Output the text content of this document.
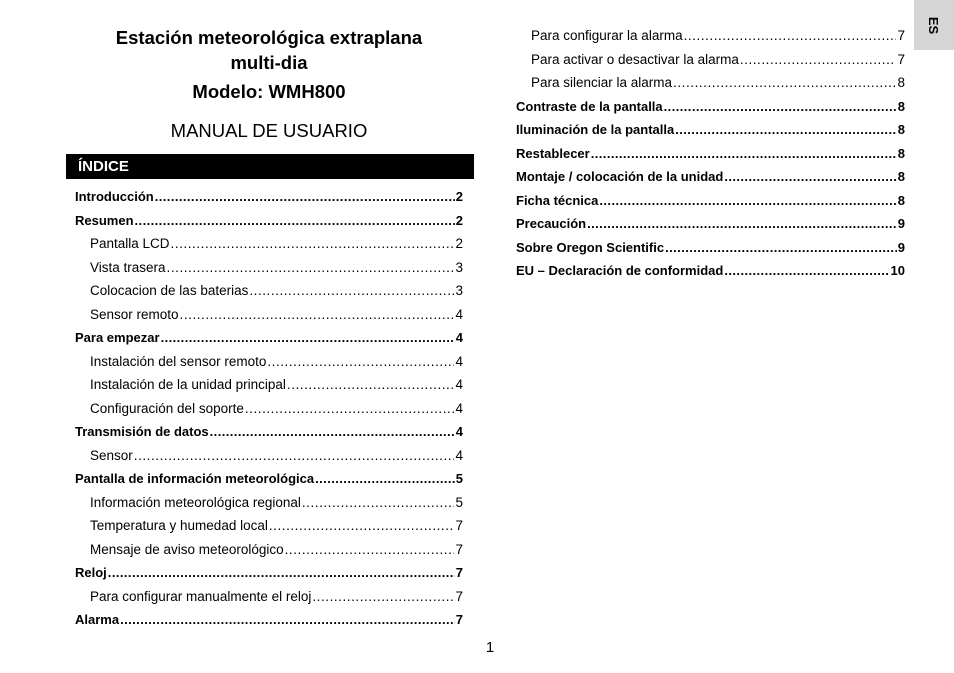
Estación meteorológica extraplana
multi-dia
Modelo: WMH800
MANUAL DE USUARIO
ÍNDICE
Introducción . . .	2
Resumen . . .	2
Pantalla LCD . . .	2
Vista trasera . . .	3
Colocacion de las baterias . . .	3
Sensor remoto . . .	4
Para empezar . . .	4
Instalación del sensor remoto . . .	4
Instalación de la unidad principal . . .	4
Configuración del soporte . . .	4
Transmisión de datos . . .	4
Sensor . . .	4
Pantalla de información meteorológica . . .	5
Información meteorológica regional . . .	5
Temperatura y humedad local . . .	7
Mensaje de aviso meteorológico . . .	7
Reloj . . .	7
Para configurar manualmente el reloj . . .	7
Alarma . . .	7
Para configurar la alarma . . .	7
Para activar o desactivar la alarma . . .	7
Para silenciar la alarma . . .	8
Contraste de la pantalla . . .	8
Iluminación de la pantalla . . .	8
Restablecer . . .	8
Montaje / colocación de la unidad . . .	8
Ficha técnica . . .	8
Precaución . . .	9
Sobre Oregon Scientific . . .	9
EU – Declaración de conformidad . . .	10
1
ES
